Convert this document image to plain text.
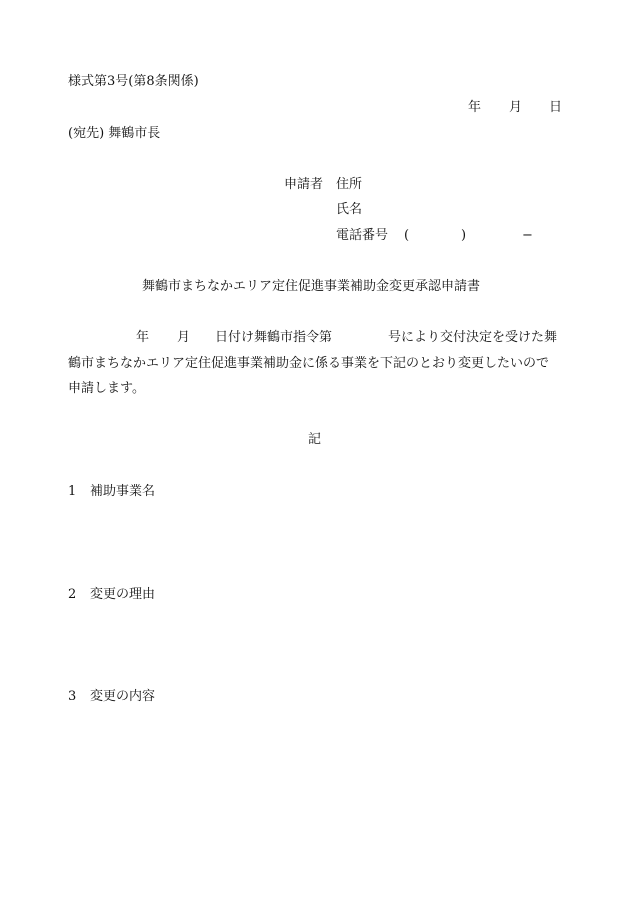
様式第3号(第8条関係)
年 月 日
(宛先) 舞鶴市長
申請者 住所
氏名
電話番号 (	)	−
舞鶴市まちなかエリア定住促進事業補助金変更承認申請書
年 月 日付け舞鶴市指令第	号により交付決定を受けた舞
鶴市まちなかエリア定住促進事業補助金に係る事業を下記のとおり変更したいので
申請します。
記
1 補助事業名
2 変更の理由
3 変更の内容
